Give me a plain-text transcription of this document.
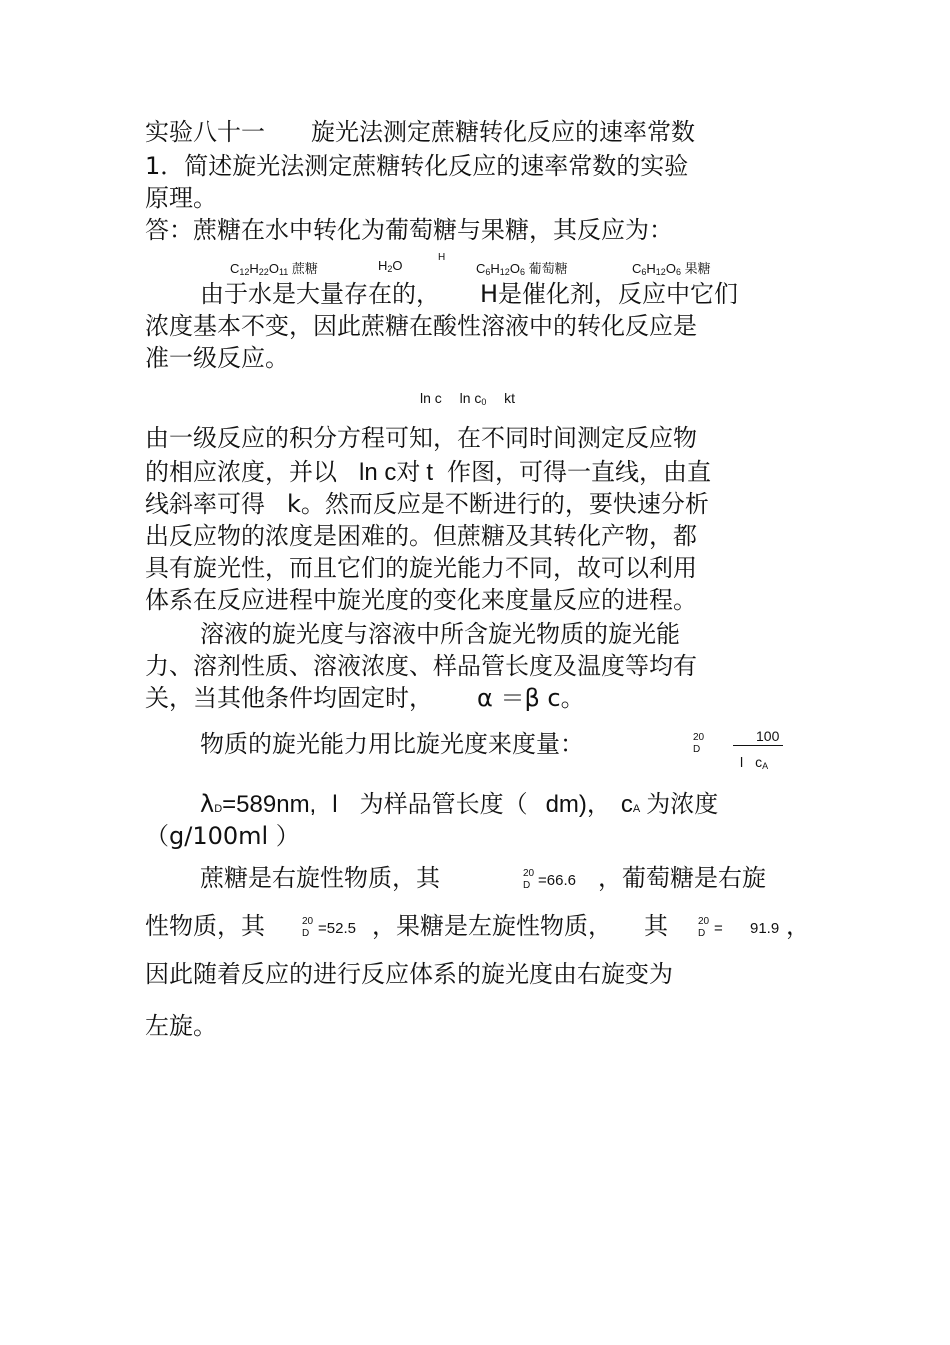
实验八十一 旋光法测定蔗糖转化反应的速率常数
1．简述旋光法测定蔗糖转化反应的速率常数的实验
原理。
答：蔗糖在水中转化为葡萄糖与果糖，其反应为：
$C_{12}H_{22}O_{11}$ 蔗糖	$H_2O$
H
$C_6H_{12}O_6$ 葡萄糖	$C_6H_{12}O_6$ 果糖
由于水是大量存在的， H是催化剂，反应中它们
浓度基本不变，因此蔗糖在酸性溶液中的转化反应是
准一级反应。
ln c $\ln c_0$ kt
由一级反应的积分方程可知，在不同时间测定反应物
的相应浓度，并以 ln c对 t 作图，可得一直线，由直
线斜率可得 k。然而反应是不断进行的，要快速分析
出反应物的浓度是困难的。但蔗糖及其转化产物，都
具有旋光性，而且它们的旋光能力不同，故可以利用
体系在反应进程中旋光度的变化来度量反应的进程。
溶液的旋光度与溶液中所含旋光物质的旋光能
力、溶剂性质、溶液浓度、样品管长度及温度等均有
关，当其他条件均固定时， α ＝β c。
物质的旋光能力用比旋光度来度量：	20
D
100
l $c_A$
λD=589nm, l 为样品管长度（ dm)， cA 为浓度
（g/100ml ）
蔗糖是右旋性物质，其	20
D =66.6 ，葡萄糖是右旋
性物质，其	20
D =52.5 ，果糖是左旋性物质， 其	20
D = 91.9 ，
因此随着反应的进行反应体系的旋光度由右旋变为
左旋。
